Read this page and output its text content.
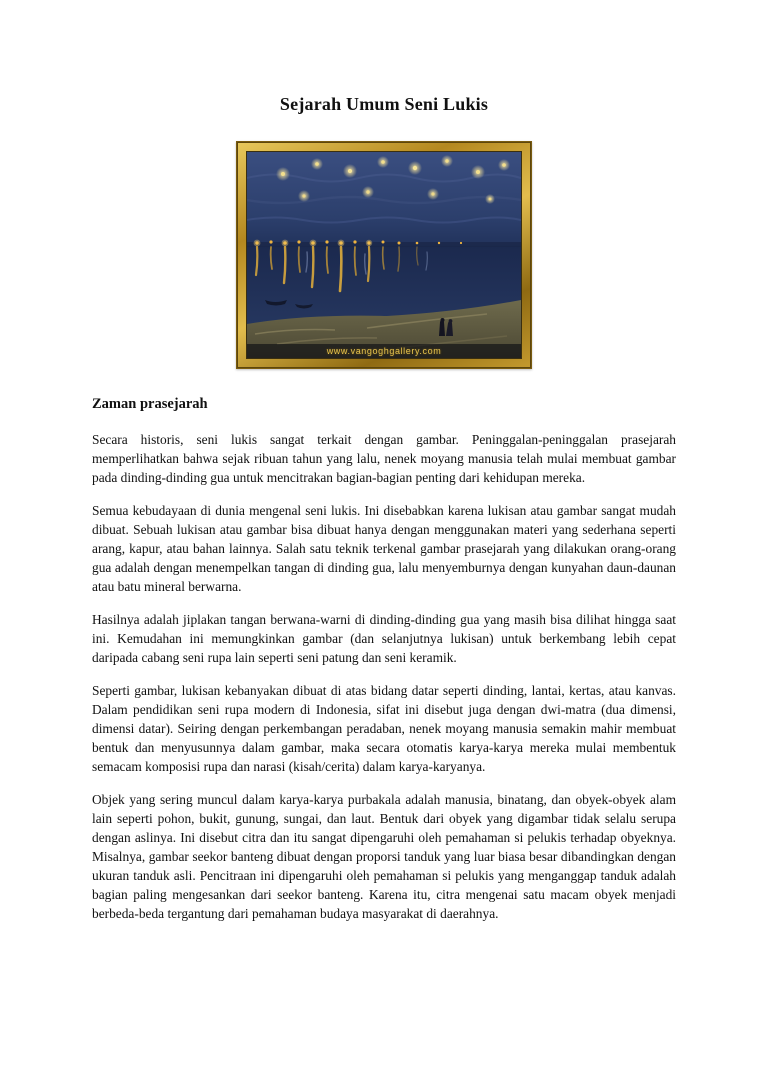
Sejarah Umum Seni Lukis
www.vangoghgallery.com
Zaman prasejarah

Secara historis, seni lukis sangat terkait dengan gambar. Peninggalan-peninggalan prasejarah memperlihatkan bahwa sejak ribuan tahun yang lalu, nenek moyang manusia telah mulai membuat gambar pada dinding-dinding gua untuk mencitrakan bagian-bagian penting dari kehidupan mereka.

Semua kebudayaan di dunia mengenal seni lukis. Ini disebabkan karena lukisan atau gambar sangat mudah dibuat. Sebuah lukisan atau gambar bisa dibuat hanya dengan menggunakan materi yang sederhana seperti arang, kapur, atau bahan lainnya. Salah satu teknik terkenal gambar prasejarah yang dilakukan orang-orang gua adalah dengan menempelkan tangan di dinding gua, lalu menyemburnya dengan kunyahan daun-daunan atau batu mineral berwarna.

Hasilnya adalah jiplakan tangan berwana-warni di dinding-dinding gua yang masih bisa dilihat hingga saat ini. Kemudahan ini memungkinkan gambar (dan selanjutnya lukisan) untuk berkembang lebih cepat daripada cabang seni rupa lain seperti seni patung dan seni keramik.

Seperti gambar, lukisan kebanyakan dibuat di atas bidang datar seperti dinding, lantai, kertas, atau kanvas. Dalam pendidikan seni rupa modern di Indonesia, sifat ini disebut juga dengan dwi-matra (dua dimensi, dimensi datar). Seiring dengan perkembangan peradaban, nenek moyang manusia semakin mahir membuat bentuk dan menyusunnya dalam gambar, maka secara otomatis karya-karya mereka mulai membentuk semacam komposisi rupa dan narasi (kisah/cerita) dalam karya-karyanya.

Objek yang sering muncul dalam karya-karya purbakala adalah manusia, binatang, dan obyek-obyek alam lain seperti pohon, bukit, gunung, sungai, dan laut. Bentuk dari obyek yang digambar tidak selalu serupa dengan aslinya. Ini disebut citra dan itu sangat dipengaruhi oleh pemahaman si pelukis terhadap obyeknya. Misalnya, gambar seekor banteng dibuat dengan proporsi tanduk yang luar biasa besar dibandingkan dengan ukuran tanduk asli. Pencitraan ini dipengaruhi oleh pemahaman si pelukis yang menganggap tanduk adalah bagian paling mengesankan dari seekor banteng. Karena itu, citra mengenai satu macam obyek menjadi berbeda-beda tergantung dari pemahaman budaya masyarakat di daerahnya.
